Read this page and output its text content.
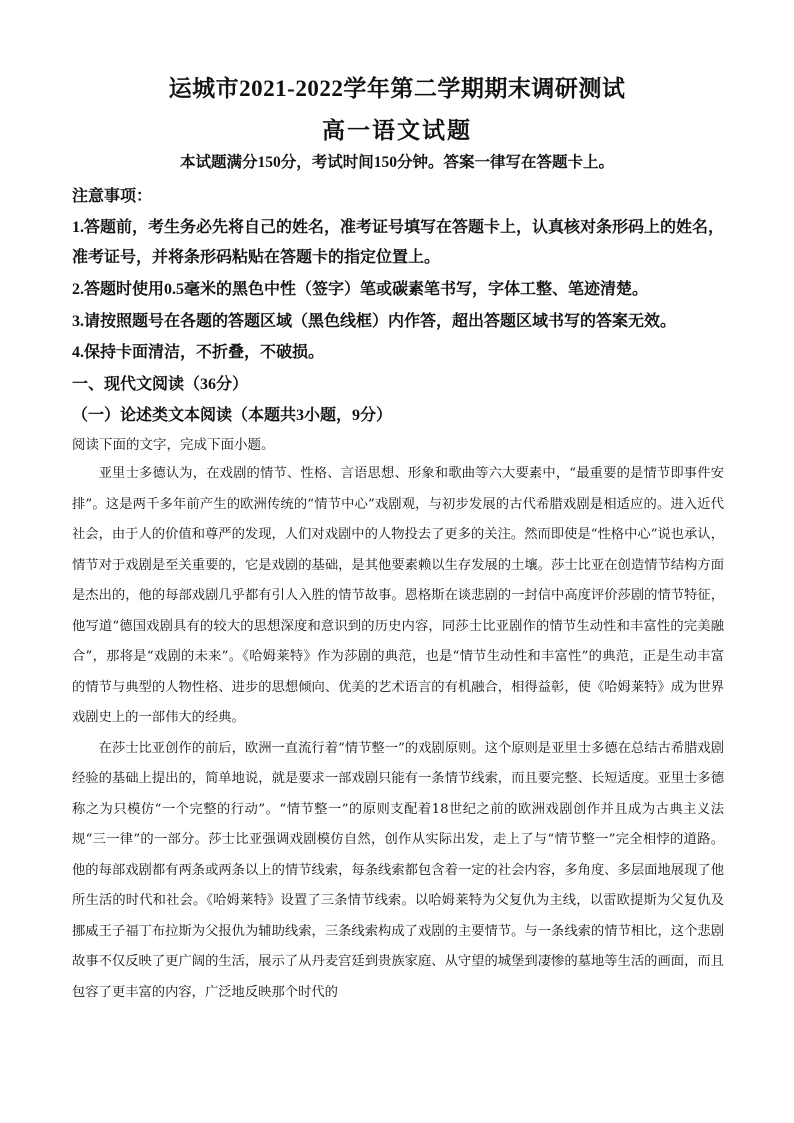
运城市2021-2022学年第二学期期末调研测试
高一语文试题
本试题满分150分，考试时间150分钟。答案一律写在答题卡上。
注意事项：
1.答题前，考生务必先将自己的姓名，准考证号填写在答题卡上，认真核对条形码上的姓名，
准考证号，并将条形码粘贴在答题卡的指定位置上。
2.答题时使用0.5毫米的黑色中性（签字）笔或碳素笔书写，字体工整、笔迹清楚。
3.请按照题号在各题的答题区域（黑色线框）内作答，超出答题区域书写的答案无效。
4.保持卡面清洁，不折叠，不破损。
一、现代文阅读（36分）
（一）论述类文本阅读（本题共3小题，9分）
阅读下面的文字，完成下面小题。

亚里士多德认为，在戏剧的情节、性格、言语思想、形象和歌曲等六大要素中，“最重要的是情节即事件安排”。这是两千多年前产生的欧洲传统的“情节中心”戏剧观，与初步发展的古代希腊戏剧是相适应的。进入近代社会，由于人的价值和尊严的发现，人们对戏剧中的人物投去了更多的关注。然而即使是“性格中心”说也承认，情节对于戏剧是至关重要的，它是戏剧的基础，是其他要素赖以生存发展的土壤。莎士比亚在创造情节结构方面是杰出的，他的每部戏剧几乎都有引人入胜的情节故事。恩格斯在谈悲剧的一封信中高度评价莎剧的情节特征，他写道“德国戏剧具有的较大的思想深度和意识到的历史内容，同莎士比亚剧作的情节生动性和丰富性的完美融合”，那将是“戏剧的未来”。《哈姆莱特》作为莎剧的典范，也是“情节生动性和丰富性”的典范，正是生动丰富的情节与典型的人物性格、进步的思想倾向、优美的艺术语言的有机融合，相得益彰，使《哈姆莱特》成为世界戏剧史上的一部伟大的经典。

在莎士比亚创作的前后，欧洲一直流行着“情节整一”的戏剧原则。这个原则是亚里士多德在总结古希腊戏剧经验的基础上提出的，简单地说，就是要求一部戏剧只能有一条情节线索，而且要完整、长短适度。亚里士多德称之为只模仿“一个完整的行动”。“情节整一”的原则支配着18世纪之前的欧洲戏剧创作并且成为古典主义法规“三一律”的一部分。莎士比亚强调戏剧模仿自然，创作从实际出发，走上了与“情节整一”完全相悖的道路。他的每部戏剧都有两条或两条以上的情节线索，每条线索都包含着一定的社会内容，多角度、多层面地展现了他所生活的时代和社会。《哈姆莱特》设置了三条情节线索。以哈姆莱特为父复仇为主线，以雷欧提斯为父复仇及挪威王子福丁布拉斯为父报仇为辅助线索，三条线索构成了戏剧的主要情节。与一条线索的情节相比，这个悲剧故事不仅反映了更广阔的生活，展示了从丹麦宫廷到贵族家庭、从守望的城堡到凄惨的墓地等生活的画面，而且包容了更丰富的内容，广泛地反映那个时代的
